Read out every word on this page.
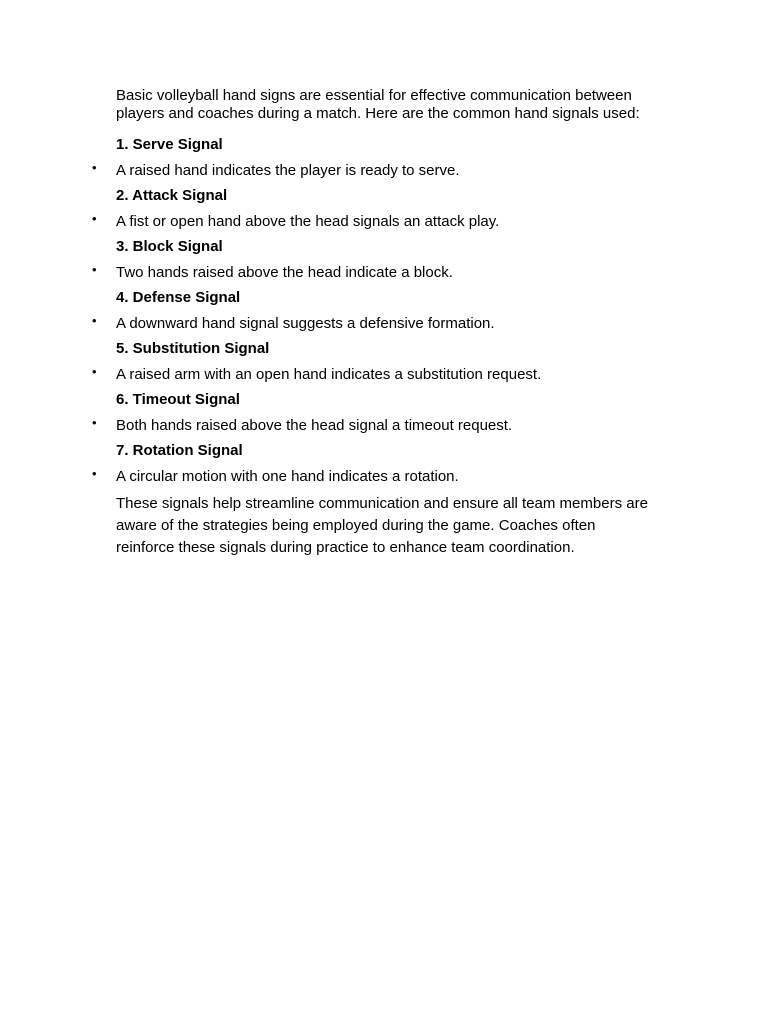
Basic volleyball hand signs are essential for effective communication between players and coaches during a match. Here are the common hand signals used:

1. Serve Signal
•	A raised hand indicates the player is ready to serve.
2. Attack Signal
•	A fist or open hand above the head signals an attack play.
3. Block Signal
•	Two hands raised above the head indicate a block.
4. Defense Signal
•	A downward hand signal suggests a defensive formation.
5. Substitution Signal
•	A raised arm with an open hand indicates a substitution request.
6. Timeout Signal
•	Both hands raised above the head signal a timeout request.
7. Rotation Signal
•	A circular motion with one hand indicates a rotation.

These signals help streamline communication and ensure all team members are aware of the strategies being employed during the game. Coaches often reinforce these signals during practice to enhance team coordination.
